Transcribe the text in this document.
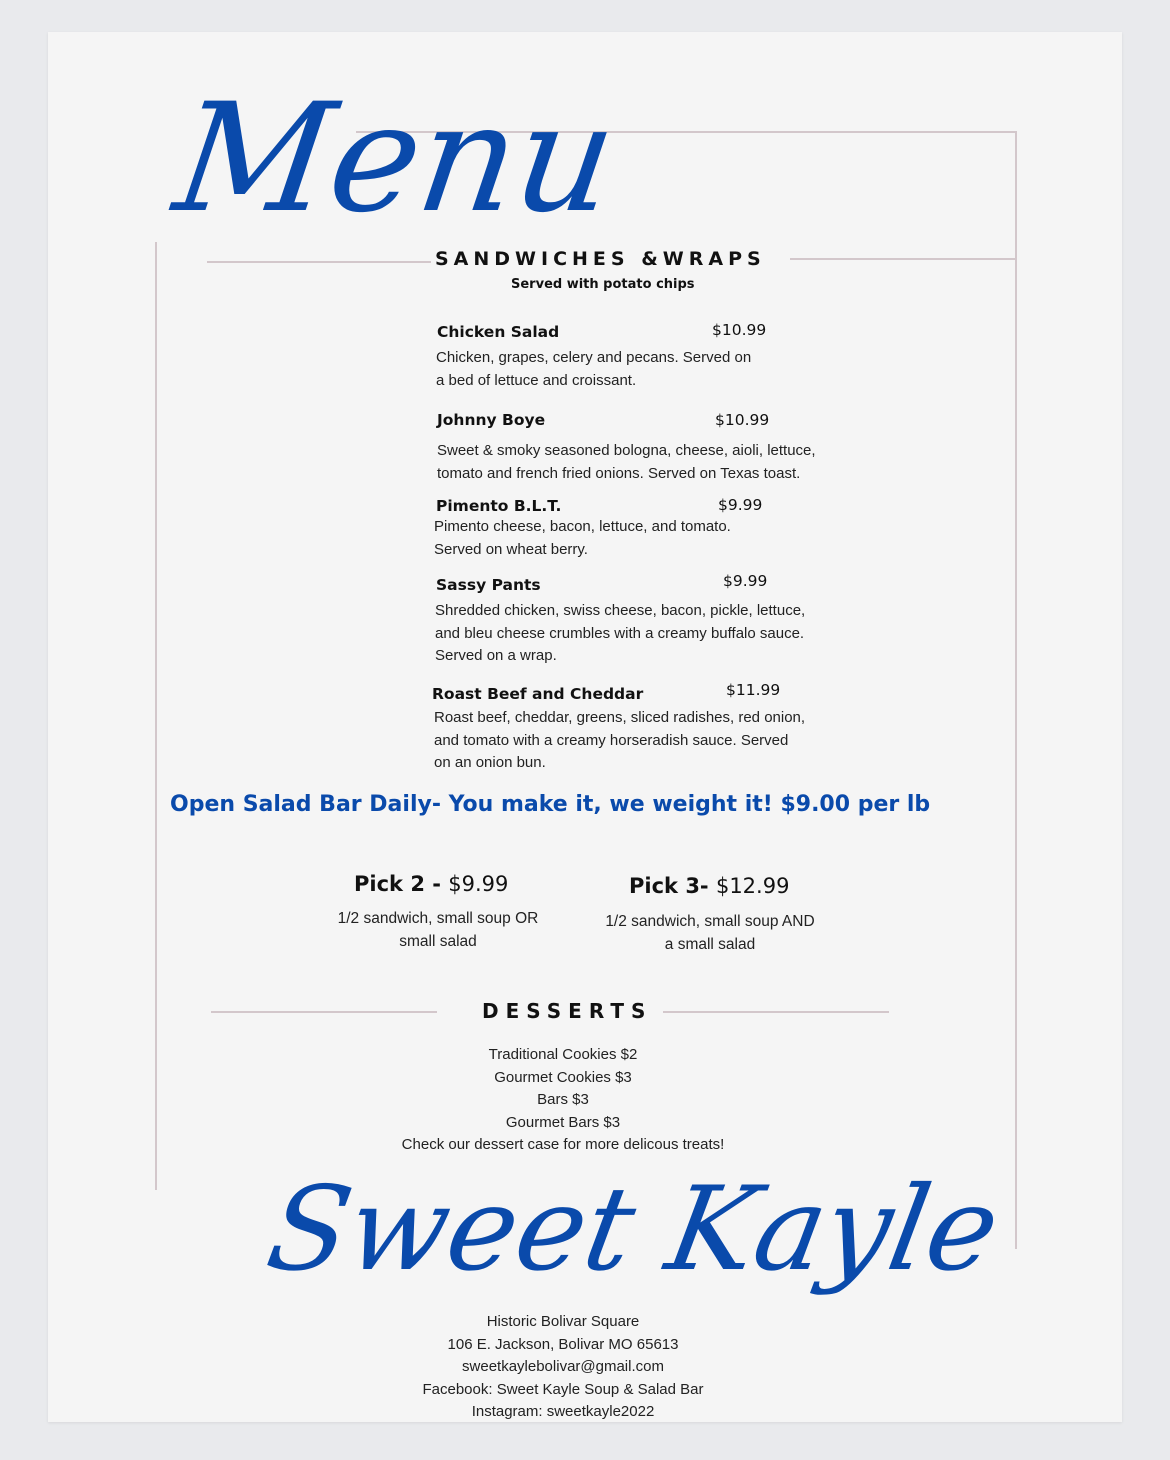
Menu
SANDWICHES &WRAPS
Served with potato chips
Chicken Salad	$10.99
Chicken, grapes, celery and pecans. Served on
a bed of lettuce and croissant.
Johnny Boye	$10.99
Sweet & smoky seasoned bologna, cheese, aioli, lettuce,
tomato and french fried onions. Served on Texas toast.
Pimento B.L.T.	$9.99
Pimento cheese, bacon, lettuce, and tomato.
Served on wheat berry.
Sassy Pants	$9.99
Shredded chicken, swiss cheese, bacon, pickle, lettuce,
and bleu cheese crumbles with a creamy buffalo sauce.
Served on a wrap.
Roast Beef and Cheddar	$11.99
Roast beef, cheddar, greens, sliced radishes, red onion,
and tomato with a creamy horseradish sauce. Served
on an onion bun.
Open Salad Bar Daily- You make it, we weight it! $9.00 per lb
Pick 2 - $9.99
1/2 sandwich, small soup OR
small salad
Pick 3- $12.99
1/2 sandwich, small soup AND
a small salad
DESSERTS
Traditional Cookies $2
Gourmet Cookies $3
Bars $3
Gourmet Bars $3
Check our dessert case for more delicous treats!
Sweet Kayle
Historic Bolivar Square
106 E. Jackson, Bolivar MO 65613
sweetkaylebolivar@gmail.com
Facebook: Sweet Kayle Soup & Salad Bar
Instagram: sweetkayle2022
